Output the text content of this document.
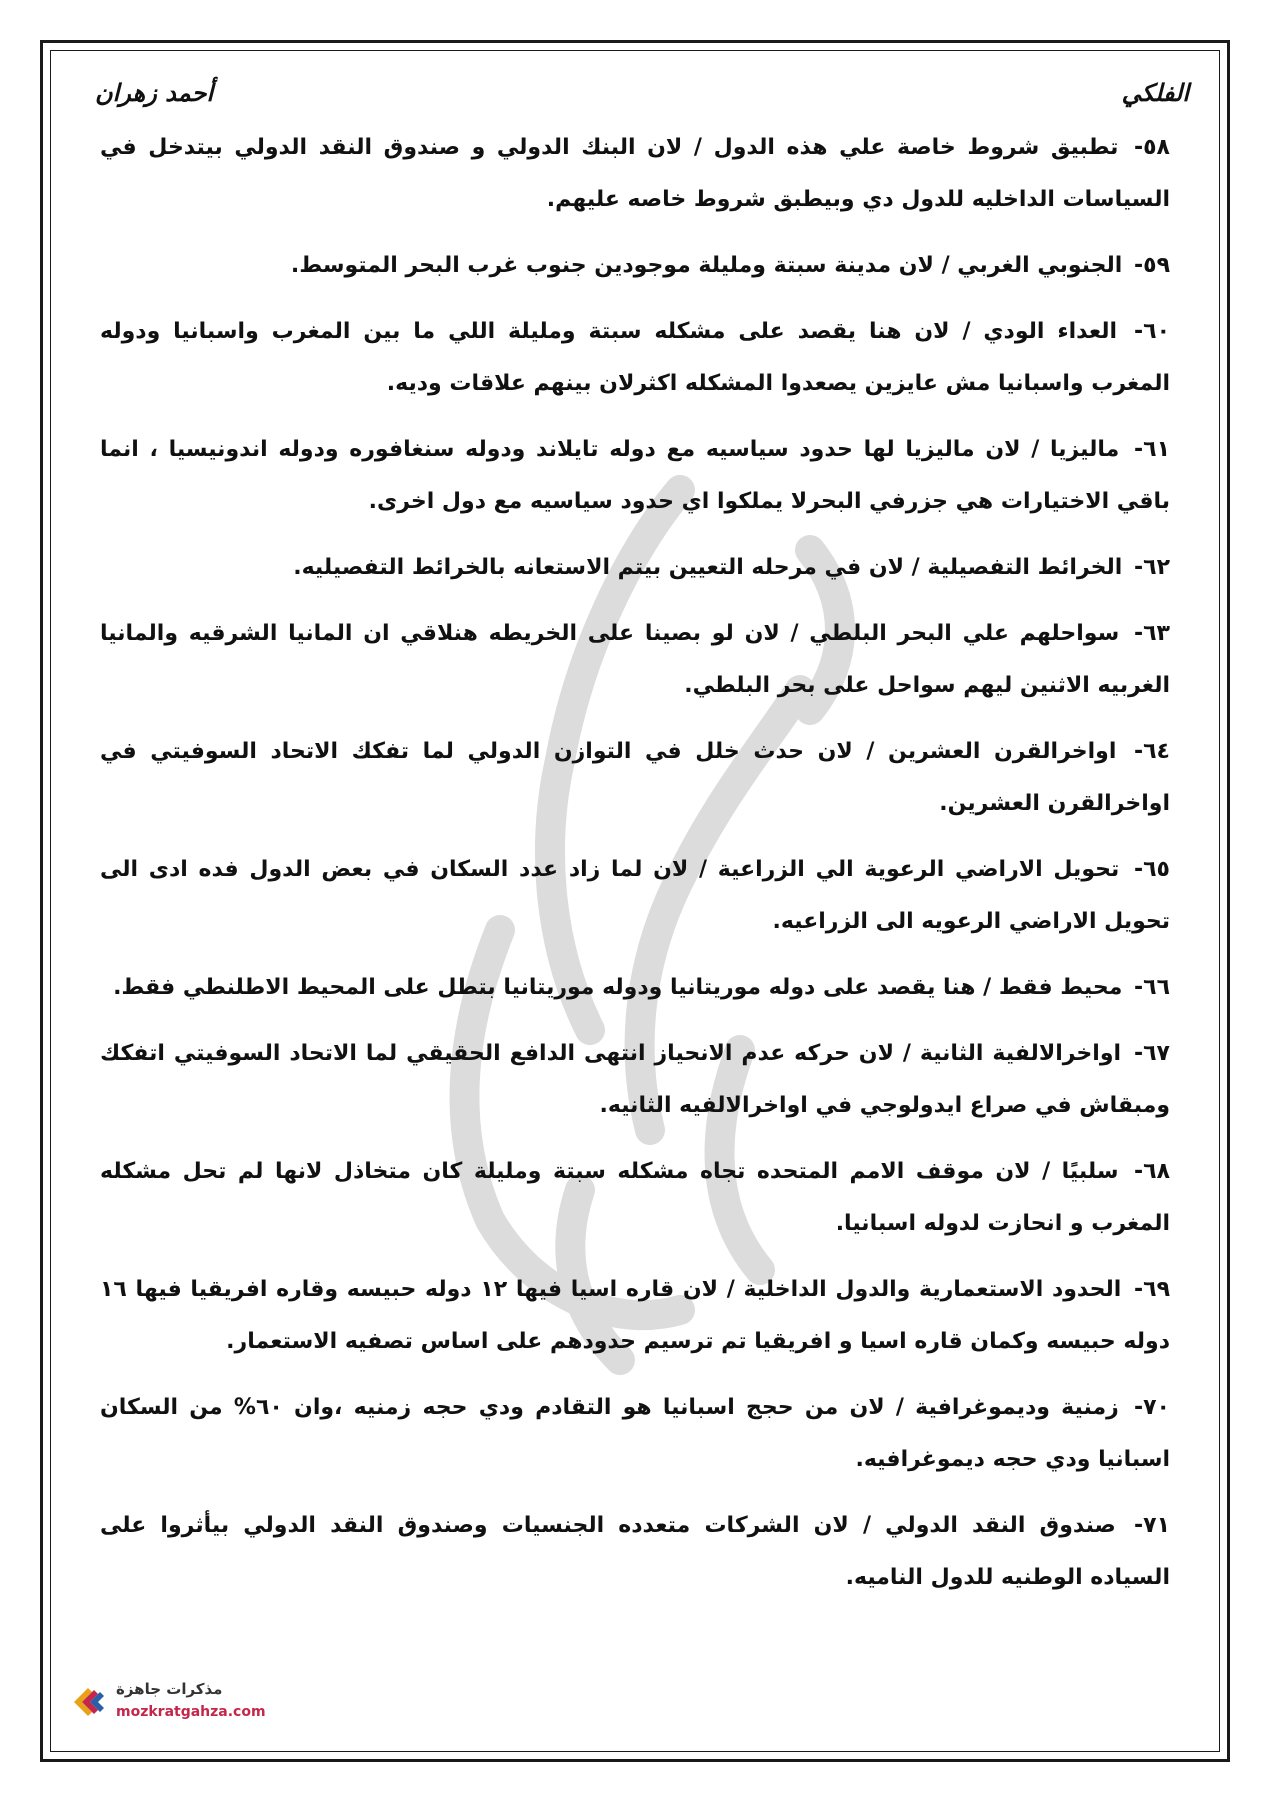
الفلكي
أحمد زهران

٥٨- تطبيق شروط خاصة علي هذه الدول / لان البنك الدولي و صندوق النقد الدولي بيتدخل في السياسات الداخليه للدول دي وبيطبق شروط خاصه عليهم.

٥٩- الجنوبي الغربي / لان مدينة سبتة ومليلة موجودين جنوب غرب البحر المتوسط.

٦٠- العداء الودي / لان هنا يقصد على مشكله سبتة ومليلة اللي ما بين المغرب واسبانيا ودوله المغرب واسبانيا مش عايزين يصعدوا المشكله اكثرلان بينهم علاقات وديه.

٦١- ماليزيا / لان ماليزيا لها حدود سياسيه مع دوله تايلاند ودوله سنغافوره ودوله اندونيسيا ، انما باقي الاختيارات هي جزرفي البحرلا يملكوا اي حدود سياسيه مع دول اخرى.

٦٢- الخرائط التفصيلية / لان في مرحله التعيين بيتم الاستعانه بالخرائط التفصيليه.

٦٣- سواحلهم علي البحر البلطي / لان لو بصينا على الخريطه هنلاقي ان المانيا الشرقيه والمانيا الغربيه الاثنين ليهم سواحل على بحر البلطي.

٦٤- اواخرالقرن العشرين / لان حدث خلل في التوازن الدولي لما تفكك الاتحاد السوفيتي في اواخرالقرن العشرين.

٦٥- تحويل الاراضي الرعوية الي الزراعية / لان لما زاد عدد السكان في بعض الدول فده ادى الى تحويل الاراضي الرعويه الى الزراعيه.

٦٦- محيط فقط / هنا يقصد على دوله موريتانيا ودوله موريتانيا بتطل على المحيط الاطلنطي فقط.

٦٧- اواخرالالفية الثانية / لان حركه عدم الانحياز انتهى الدافع الحقيقي لما الاتحاد السوفيتي اتفكك ومبقاش في صراع ايدولوجي في اواخرالالفيه الثانيه.

٦٨- سلبيًا / لان موقف الامم المتحده تجاه مشكله سبتة ومليلة كان متخاذل لانها لم تحل مشكله المغرب و انحازت لدوله اسبانيا.

٦٩- الحدود الاستعمارية والدول الداخلية / لان قاره اسيا فيها ١٢ دوله حبيسه وقاره افريقيا فيها ١٦ دوله حبيسه وكمان قاره اسيا و افريقيا تم ترسيم حدودهم على اساس تصفيه الاستعمار.

٧٠- زمنية وديموغرافية / لان من حجج اسبانيا هو التقادم ودي حجه زمنيه ،وان ٦٠% من السكان اسبانيا ودي حجه ديموغرافيه.

٧١- صندوق النقد الدولي / لان الشركات متعدده الجنسيات وصندوق النقد الدولي بيأثروا على السياده الوطنيه للدول الناميه.

مذكرات جاهزة
mozkratgahza.com
